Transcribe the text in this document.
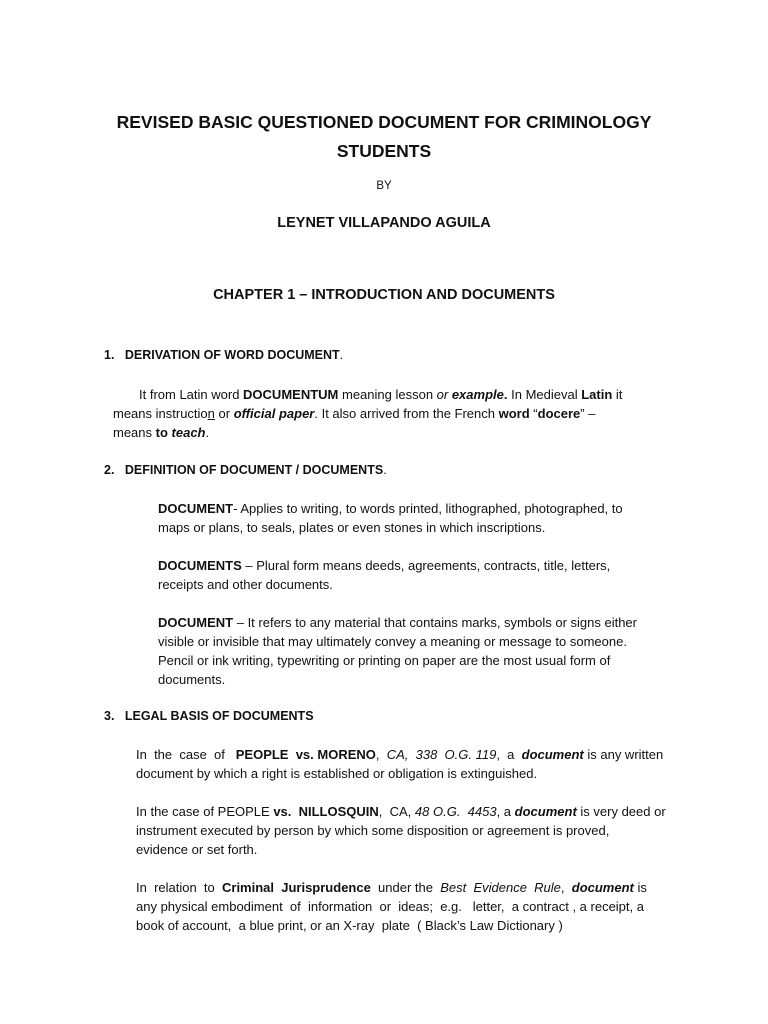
REVISED BASIC QUESTIONED DOCUMENT FOR CRIMINOLOGY
STUDENTS
BY
LEYNET VILLAPANDO AGUILA
CHAPTER 1 – INTRODUCTION AND DOCUMENTS
1. DERIVATION OF WORD DOCUMENT.
It from Latin word DOCUMENTUM meaning lesson or example. In Medieval Latin it
means instruction or official paper. It also arrived from the French word “docere” –
means to teach.
2. DEFINITION OF DOCUMENT / DOCUMENTS.
DOCUMENT- Applies to writing, to words printed, lithographed, photographed, to
maps or plans, to seals, plates or even stones in which inscriptions.
DOCUMENTS – Plural form means deeds, agreements, contracts, title, letters,
receipts and other documents.
DOCUMENT – It refers to any material that contains marks, symbols or signs either
visible or invisible that may ultimately convey a meaning or message to someone.
Pencil or ink writing, typewriting or printing on paper are the most usual form of
documents.
3. LEGAL BASIS OF DOCUMENTS
In  the  case  of   PEOPLE  vs. MORENO,  CA,  338  O.G. 119,  a  document is any written
document by which a right is established or obligation is extinguished.
In the case of PEOPLE vs.  NILLOSQUIN,  CA, 48 O.G.  4453, a document is very deed or
instrument executed by person by which some disposition or agreement is proved,
evidence or set forth.
In  relation  to  Criminal  Jurisprudence  under the  Best  Evidence  Rule,  document is
any physical embodiment  of  information  or  ideas;  e.g.   letter,  a contract , a receipt, a
book of account,  a blue print, or an X-ray  plate  ( Black’s Law Dictionary )
